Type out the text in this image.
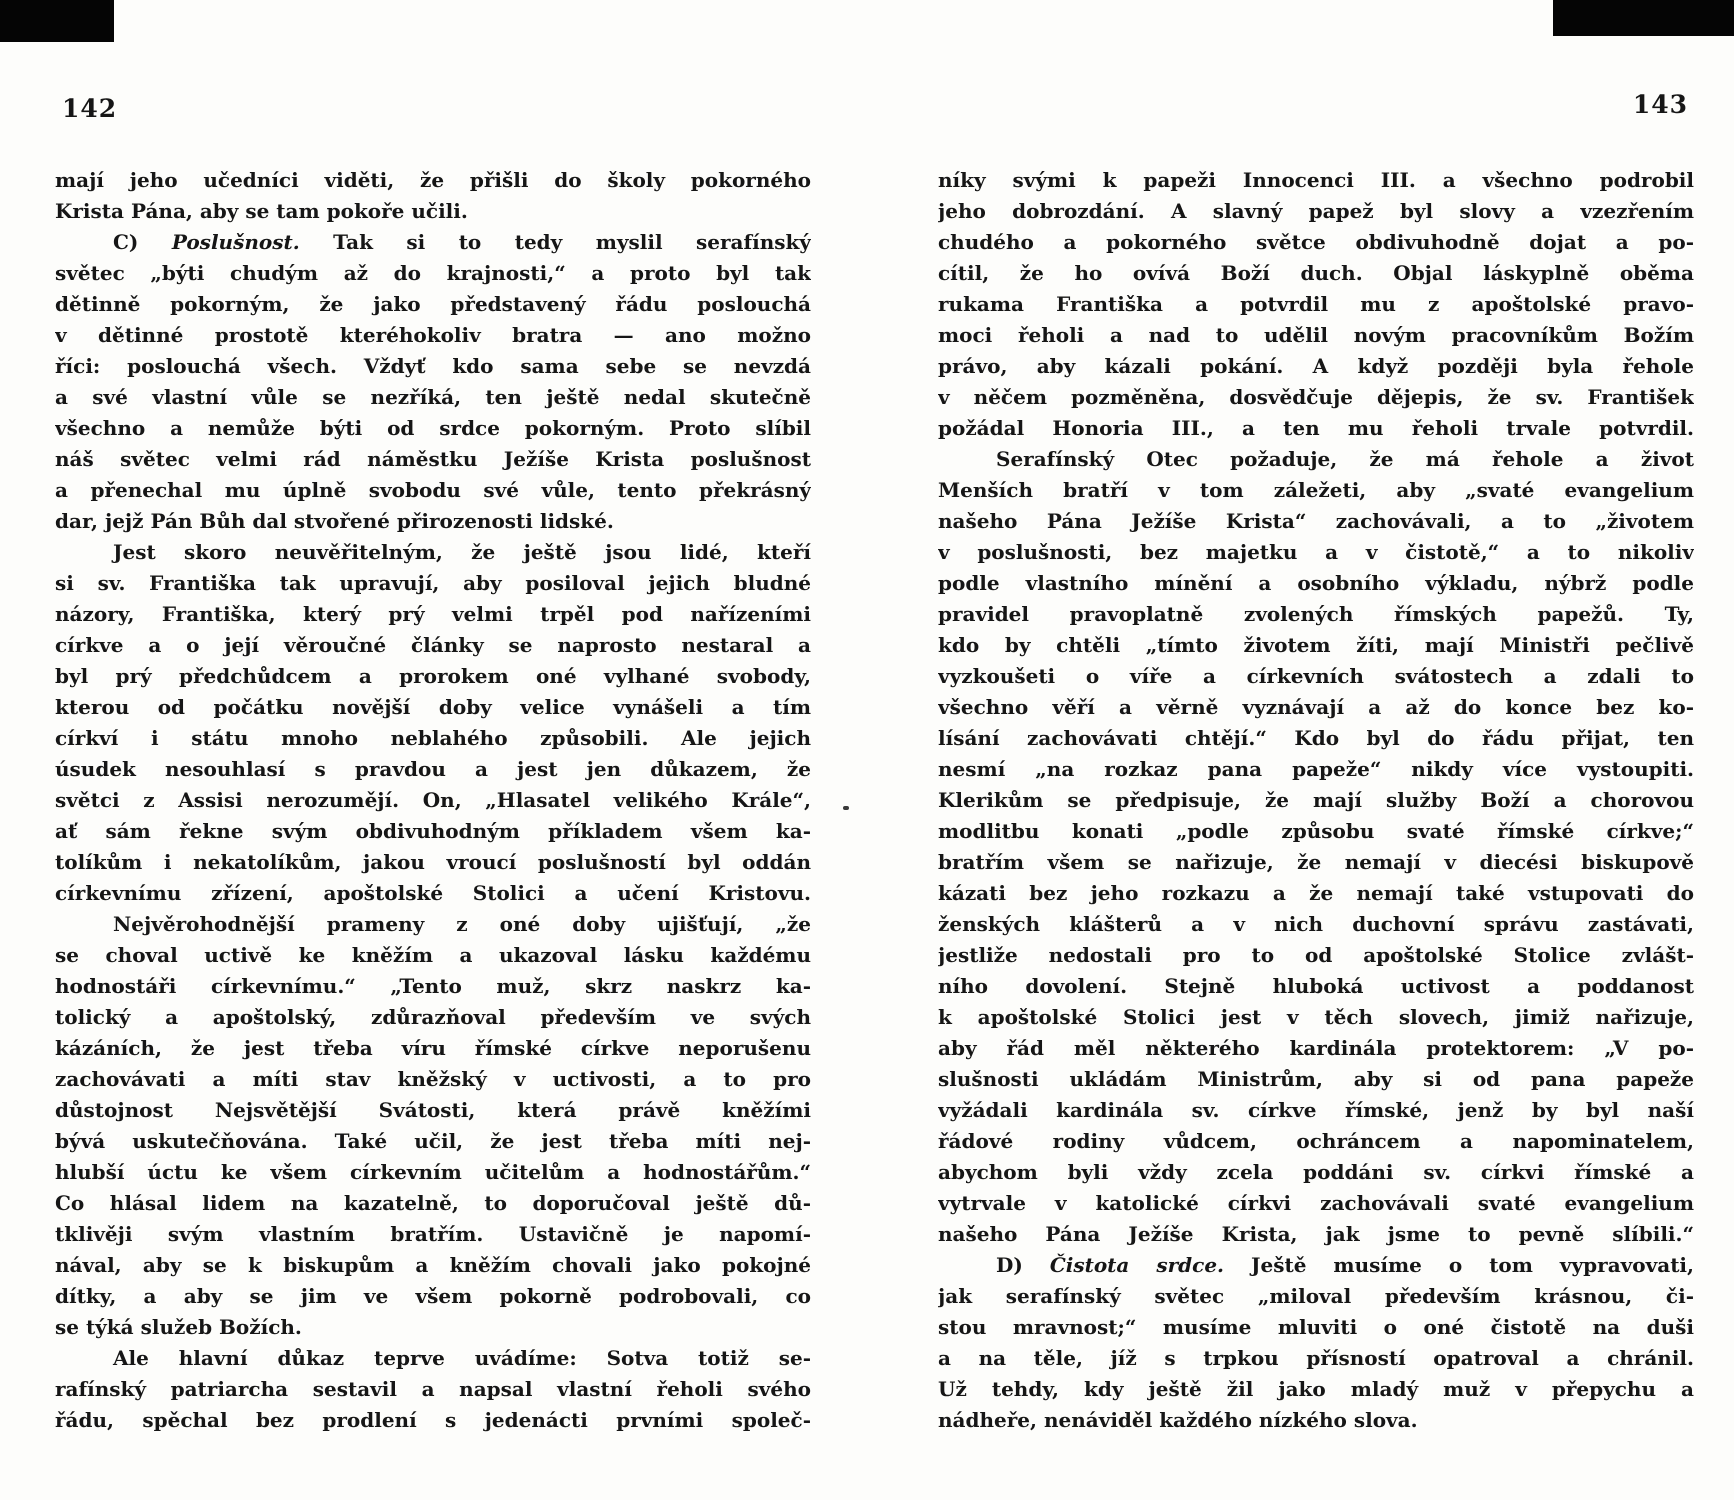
142	143
mají jeho učedníci viděti, že přišli do školy pokorného
Krista Pána, aby se tam pokoře učili.
C) Poslušnost. Tak si to tedy myslil serafínský
světec „býti chudým až do krajnosti,“ a proto byl tak
dětinně pokorným, že jako představený řádu poslouchá
v dětinné prostotě kteréhokoliv bratra — ano možno
říci: poslouchá všech. Vždyť kdo sama sebe se nevzdá
a své vlastní vůle se nezříká, ten ještě nedal skutečně
všechno a nemůže býti od srdce pokorným. Proto slíbil
náš světec velmi rád náměstku Ježíše Krista poslušnost
a přenechal mu úplně svobodu své vůle, tento překrásný
dar, jejž Pán Bůh dal stvořené přirozenosti lidské.
Jest skoro neuvěřitelným, že ještě jsou lidé, kteří
si sv. Františka tak upravují, aby posiloval jejich bludné
názory, Františka, který prý velmi trpěl pod nařízeními
církve a o její věroučné články se naprosto nestaral a
byl prý předchůdcem a prorokem oné vylhané svobody,
kterou od počátku novější doby velice vynášeli a tím
církví i státu mnoho neblahého způsobili. Ale jejich
úsudek nesouhlasí s pravdou a jest jen důkazem, že
světci z Assisi nerozumějí. On, „Hlasatel velikého Krále“,
ať sám řekne svým obdivuhodným příkladem všem ka-
tolíkům i nekatolíkům, jakou vroucí poslušností byl oddán
církevnímu zřízení, apoštolské Stolici a učení Kristovu.
Nejvěrohodnější prameny z oné doby ujišťují, „že
se choval uctivě ke kněžím a ukazoval lásku každému
hodnostáři církevnímu.“ „Tento muž, skrz naskrz ka-
tolický a apoštolský, zdůrazňoval především ve svých
kázáních, že jest třeba víru římské církve neporušenu
zachovávati a míti stav kněžský v uctivosti, a to pro
důstojnost Nejsvětější Svátosti, která právě kněžími
bývá uskutečňována. Také učil, že jest třeba míti nej-
hlubší úctu ke všem církevním učitelům a hodnostářům.“
Co hlásal lidem na kazatelně, to doporučoval ještě dů-
tklivěji svým vlastním bratřím. Ustavičně je napomí-
nával, aby se k biskupům a kněžím chovali jako pokojné
dítky, a aby se jim ve všem pokorně podrobovali, co
se týká služeb Božích.
Ale hlavní důkaz teprve uvádíme: Sotva totiž se-
rafínský patriarcha sestavil a napsal vlastní řeholi svého
řádu, spěchal bez prodlení s jedenácti prvními společ-
níky svými k papeži Innocenci III. a všechno podrobil
jeho dobrozdání. A slavný papež byl slovy a vzezřením
chudého a pokorného světce obdivuhodně dojat a po-
cítil, že ho ovívá Boží duch. Objal láskyplně oběma
rukama Františka a potvrdil mu z apoštolské pravo-
moci řeholi a nad to udělil novým pracovníkům Božím
právo, aby kázali pokání. A když později byla řehole
v něčem pozměněna, dosvědčuje dějepis, že sv. František
požádal Honoria III., a ten mu řeholi trvale potvrdil.
Serafínský Otec požaduje, že má řehole a život
Menších bratří v tom záležeti, aby „svaté evangelium
našeho Pána Ježíše Krista“ zachovávali, a to „životem
v poslušnosti, bez majetku a v čistotě,“ a to nikoliv
podle vlastního mínění a osobního výkladu, nýbrž podle
pravidel pravoplatně zvolených římských papežů. Ty,
kdo by chtěli „tímto životem žíti, mají Ministři pečlivě
vyzkoušeti o víře a církevních svátostech a zdali to
všechno věří a věrně vyznávají a až do konce bez ko-
lísání zachovávati chtějí.“ Kdo byl do řádu přijat, ten
nesmí „na rozkaz pana papeže“ nikdy více vystoupiti.
Klerikům se předpisuje, že mají služby Boží a chorovou
modlitbu konati „podle způsobu svaté římské církve;“
bratřím všem se nařizuje, že nemají v diecési biskupově
kázati bez jeho rozkazu a že nemají také vstupovati do
ženských klášterů a v nich duchovní správu zastávati,
jestliže nedostali pro to od apoštolské Stolice zvlášt-
ního dovolení. Stejně hluboká uctivost a poddanost
k apoštolské Stolici jest v těch slovech, jimiž nařizuje,
aby řád měl některého kardinála protektorem: „V po-
slušnosti ukládám Ministrům, aby si od pana papeže
vyžádali kardinála sv. církve římské, jenž by byl naší
řádové rodiny vůdcem, ochráncem a napominatelem,
abychom byli vždy zcela poddáni sv. církvi římské a
vytrvale v katolické církvi zachovávali svaté evangelium
našeho Pána Ježíše Krista, jak jsme to pevně slíbili.“
D) Čistota srdce. Ještě musíme o tom vypravovati,
jak serafínský světec „miloval především krásnou, či-
stou mravnost;“ musíme mluviti o oné čistotě na duši
a na těle, jíž s trpkou přísností opatroval a chránil.
Už tehdy, kdy ještě žil jako mladý muž v přepychu a
nádheře, nenáviděl každého nízkého slova.
